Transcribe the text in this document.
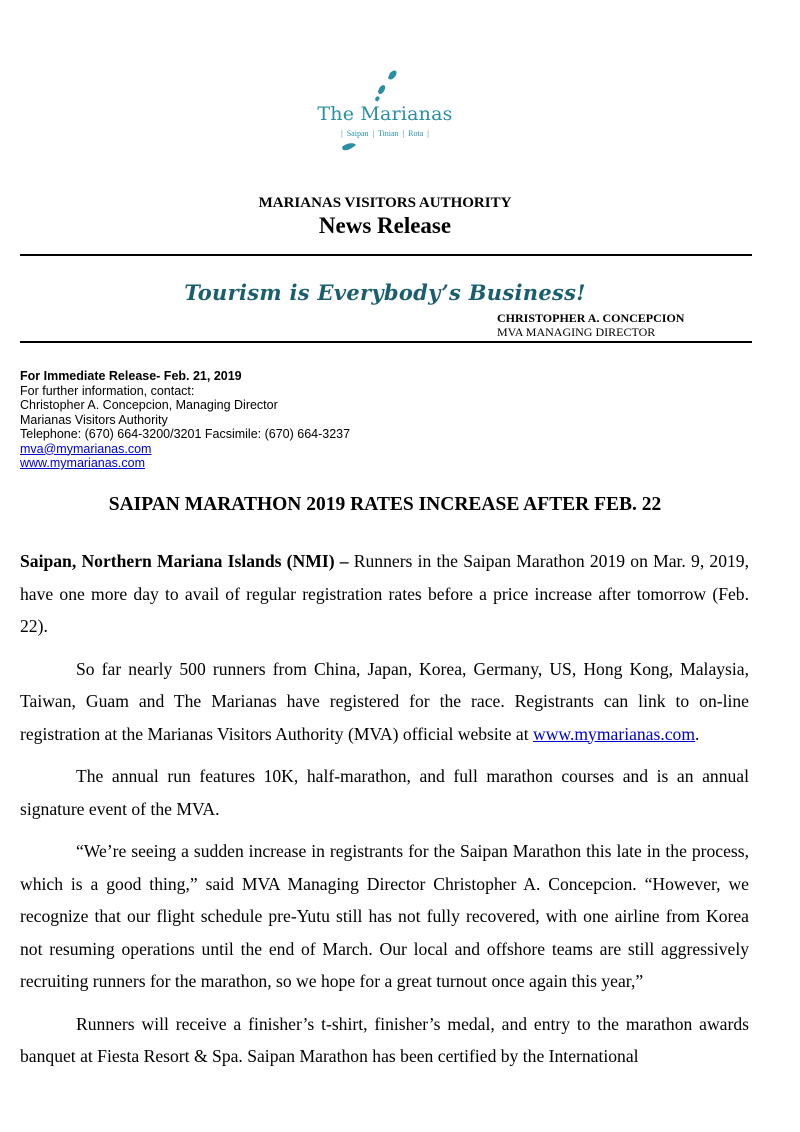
The Marianas
| Saipan | Tinian | Rota |
MARIANAS VISITORS AUTHORITY
News Release
Tourism is Everybody’s Business!
CHRISTOPHER A. CONCEPCION
MVA MANAGING DIRECTOR
For Immediate Release- Feb. 21, 2019
For further information, contact:
Christopher A. Concepcion, Managing Director
Marianas Visitors Authority
Telephone: (670) 664-3200/3201 Facsimile: (670) 664-3237
mva@mymarianas.com
www.mymarianas.com
SAIPAN MARATHON 2019 RATES INCREASE AFTER FEB. 22

Saipan, Northern Mariana Islands (NMI) – Runners in the Saipan Marathon 2019 on Mar. 9, 2019, have one more day to avail of regular registration rates before a price increase after tomorrow (Feb. 22).

So far nearly 500 runners from China, Japan, Korea, Germany, US, Hong Kong, Malaysia, Taiwan, Guam and The Marianas have registered for the race. Registrants can link to on-line registration at the Marianas Visitors Authority (MVA) official website at www.mymarianas.com.

The annual run features 10K, half-marathon, and full marathon courses and is an annual signature event of the MVA.

“We’re seeing a sudden increase in registrants for the Saipan Marathon this late in the process, which is a good thing,” said MVA Managing Director Christopher A. Concepcion. “However, we recognize that our flight schedule pre-Yutu still has not fully recovered, with one airline from Korea not resuming operations until the end of March. Our local and offshore teams are still aggressively recruiting runners for the marathon, so we hope for a great turnout once again this year,”

Runners will receive a finisher’s t-shirt, finisher’s medal, and entry to the marathon awards banquet at Fiesta Resort & Spa. Saipan Marathon has been certified by the International
